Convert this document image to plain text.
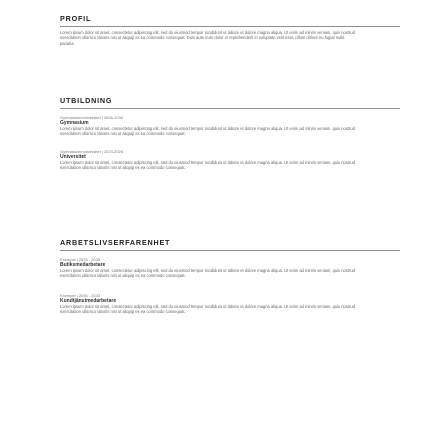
PROFIL

Lorem ipsum dolor sit amet, consectetur adipiscing elit, sed do eiusmod tempor incididunt ut labore et dolore magna aliqua. Ut enim ad minim veniam, quis nostrud exercitation ullamco laboris nisi ut aliquip ex ea commodo consequat. Duis aute irure dolor in reprehenderit in voluptate velit esse cillum dolore eu fugiat nulla pariatur.

UTBILDNING
Gymnasium/universitet | 2026-2030
Gymnasium

Lorem ipsum dolor sit amet, consectetur adipiscing elit, sed do eiusmod tempor incididunt ut labore et dolore magna aliqua. Ut enim ad minim veniam, quis nostrud exercitation ullamco laboris nisi ut aliquip ex ea commodo consequat.

Gymnasium/universitet | 2023-2026
Universitet

Lorem ipsum dolor sit amet, consectetur adipiscing elit, sed do eiusmod tempor incididunt ut labore et dolore magna aliqua. Ut enim ad minim veniam, quis nostrud exercitation ullamco laboris nisi ut aliquip ex ea commodo consequat.

ARBETSLIVSERFARENHET
Exempel | 2033 - 2035
Butiksmedarbetare

Lorem ipsum dolor sit amet, consectetur adipiscing elit, sed do eiusmod tempor incididunt ut labore et dolore magna aliqua. Ut enim ad minim veniam, quis nostrud exercitation ullamco laboris nisi ut aliquip ex ea commodo consequat.

Exempel | 2030 - 2033
Kundtjänstmedarbetare

Lorem ipsum dolor sit amet, consectetur adipiscing elit, sed do eiusmod tempor incididunt ut labore et dolore magna aliqua. Ut enim ad minim veniam, quis nostrud exercitation ullamco laboris nisi ut aliquip ex ea commodo consequat.
